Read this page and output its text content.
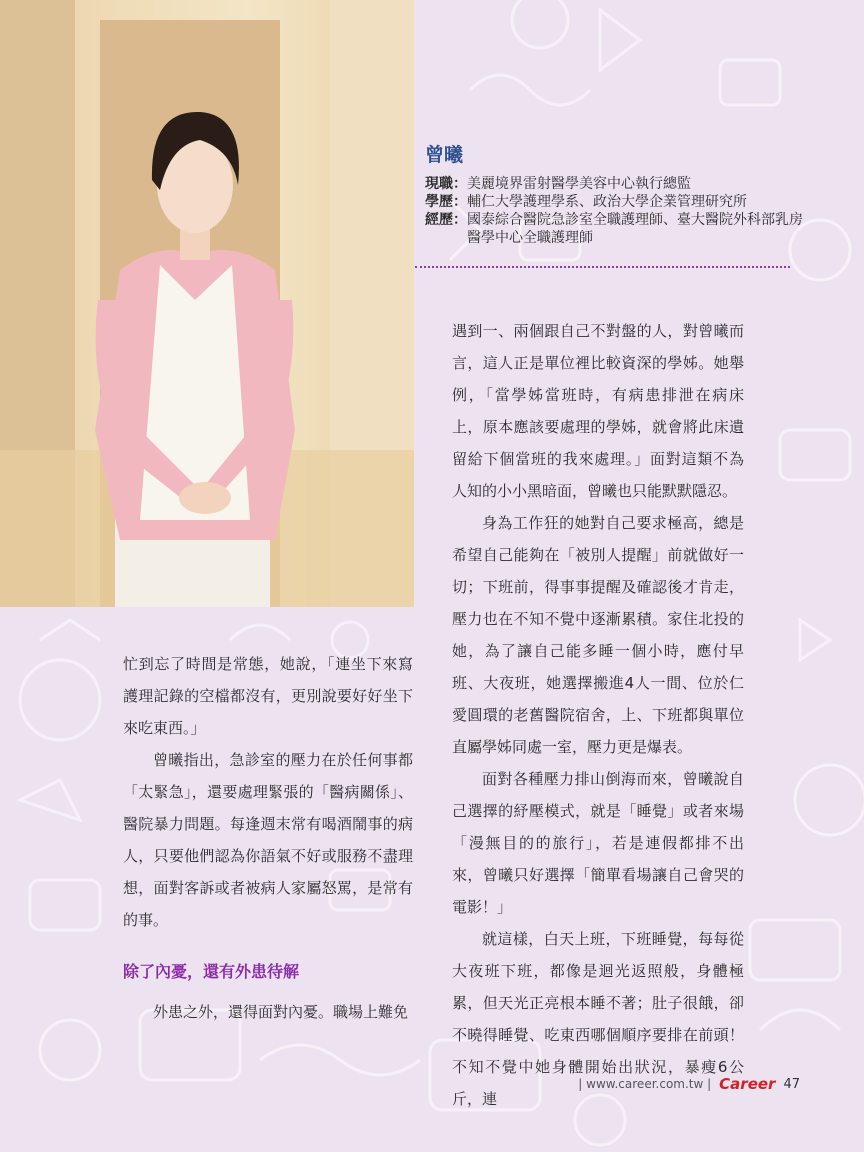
曾曦
現職： 美麗境界雷射醫學美容中心執行總監
學歷： 輔仁大學護理學系、政治大學企業管理研究所
經歷： 國泰綜合醫院急診室全職護理師、臺大醫院外科部乳房醫學中心全職護理師

遇到一、兩個跟自己不對盤的人，對曾曦而言，這人正是單位裡比較資深的學姊。她舉例，「當學姊當班時，有病患排泄在病床上，原本應該要處理的學姊，就會將此床遺留給下個當班的我來處理。」面對這類不為人知的小小黑暗面，曾曦也只能默默隱忍。

身為工作狂的她對自己要求極高，總是希望自己能夠在「被別人提醒」前就做好一切；下班前，得事事提醒及確認後才肯走，壓力也在不知不覺中逐漸累積。家住北投的她，為了讓自己能多睡一個小時，應付早班、大夜班，她選擇搬進4人一間、位於仁愛圓環的老舊醫院宿舍，上、下班都與單位直屬學姊同處一室，壓力更是爆表。

面對各種壓力排山倒海而來，曾曦說自己選擇的紓壓模式，就是「睡覺」或者來場「漫無目的的旅行」，若是連假都排不出來，曾曦只好選擇「簡單看場讓自己會哭的電影！」

就這樣，白天上班，下班睡覺，每每從大夜班下班，都像是迴光返照般，身體極累，但天光正亮根本睡不著；肚子很餓，卻不曉得睡覺、吃東西哪個順序要排在前頭！不知不覺中她身體開始出狀況，暴瘦6公斤，連

忙到忘了時間是常態，她說，「連坐下來寫護理記錄的空檔都沒有，更別說要好好坐下來吃東西。」

曾曦指出，急診室的壓力在於任何事都「太緊急」，還要處理緊張的「醫病關係」、醫院暴力問題。每逢週末常有喝酒鬧事的病人，只要他們認為你語氣不好或服務不盡理想，面對客訴或者被病人家屬怒罵，是常有的事。

除了內憂，還有外患待解

外患之外，還得面對內憂。職場上難免

| www.career.com.tw | Career 47
